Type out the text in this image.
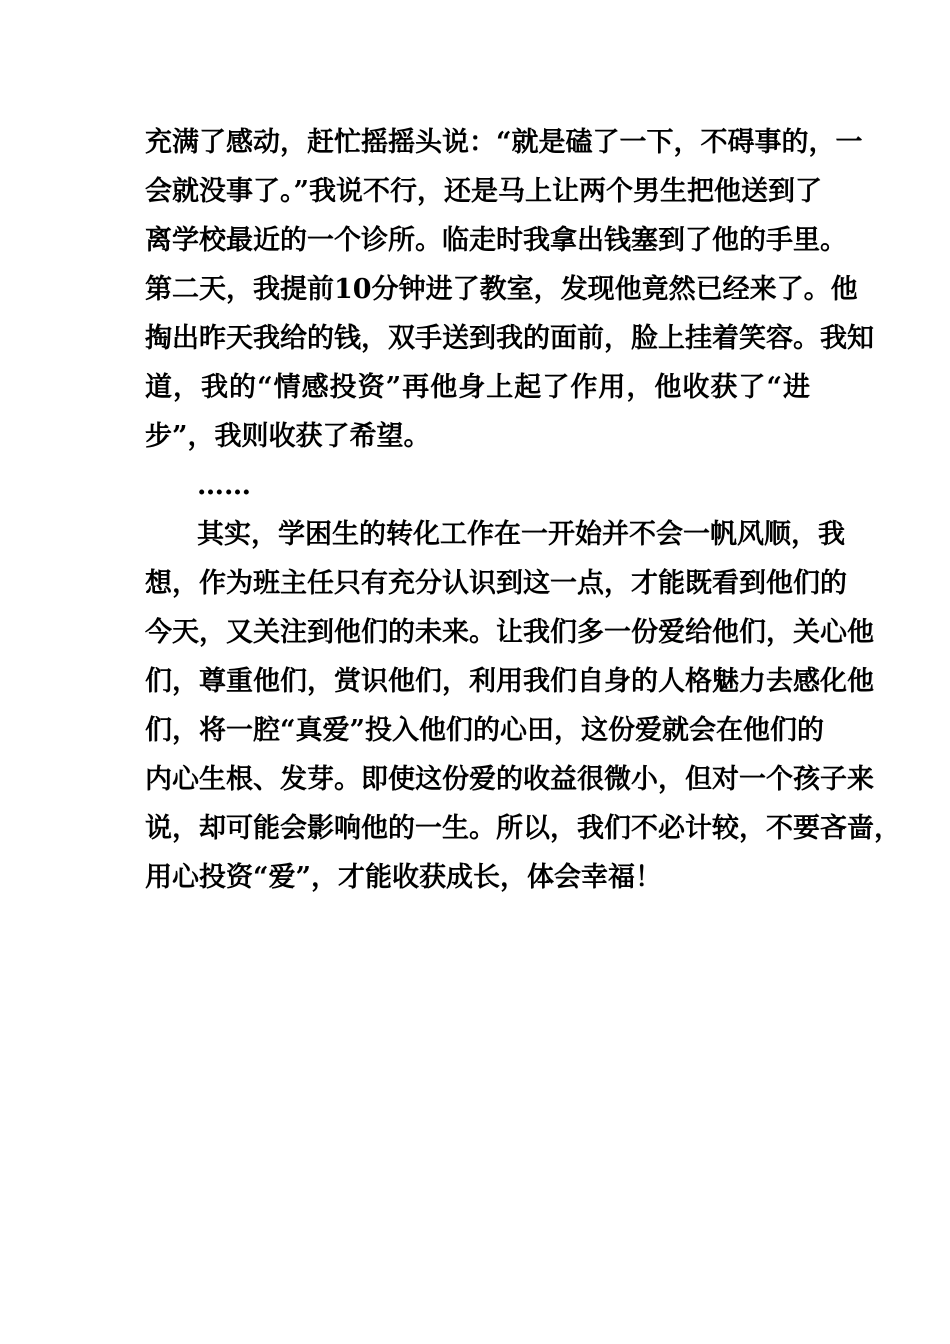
充满了感动，赶忙摇摇头说：“就是磕了一下，不碍事的，一
会就没事了。”我说不行，还是马上让两个男生把他送到了
离学校最近的一个诊所。临走时我拿出钱塞到了他的手里。
第二天，我提前10分钟进了教室，发现他竟然已经来了。他
掏出昨天我给的钱，双手送到我的面前，脸上挂着笑容。我知
道，我的“情感投资”再他身上起了作用，他收获了“进
步”，我则收获了希望。
……
其实，学困生的转化工作在一开始并不会一帆风顺，我
想，作为班主任只有充分认识到这一点，才能既看到他们的
今天，又关注到他们的未来。让我们多一份爱给他们，关心他
们，尊重他们，赏识他们，利用我们自身的人格魅力去感化他
们，将一腔“真爱”投入他们的心田，这份爱就会在他们的
内心生根、发芽。即使这份爱的收益很微小，但对一个孩子来
说，却可能会影响他的一生。所以，我们不必计较，不要吝啬，
用心投资“爱”，才能收获成长，体会幸福！
